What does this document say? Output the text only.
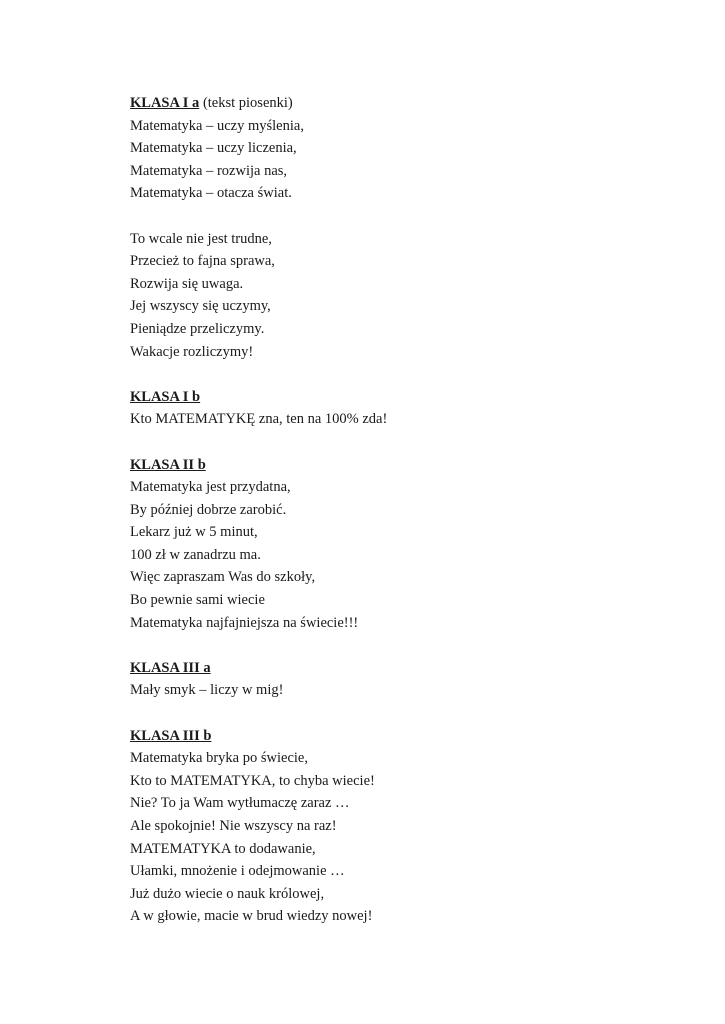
KLASA I a (tekst piosenki)
Matematyka – uczy myślenia,
Matematyka – uczy liczenia,
Matematyka – rozwija nas,
Matematyka – otacza świat.
To wcale nie jest trudne,
Przecież to fajna sprawa,
Rozwija się uwaga.
Jej wszyscy się uczymy,
Pieniądze przeliczymy.
Wakacje rozliczymy!
KLASA I b
Kto MATEMATYKĘ zna, ten na 100% zda!
KLASA II b
Matematyka jest przydatna,
By później dobrze zarobić.
Lekarz już w 5 minut,
100 zł w zanadrzu ma.
Więc zapraszam Was do szkoły,
Bo pewnie sami wiecie
Matematyka najfajniejsza na świecie!!!
KLASA III a
Mały smyk – liczy w mig!
KLASA III b
Matematyka bryka po świecie,
Kto to MATEMATYKA, to chyba wiecie!
Nie? To ja Wam wytłumaczę zaraz …
Ale spokojnie! Nie wszyscy na raz!
MATEMATYKA to dodawanie,
Ułamki, mnożenie i odejmowanie …
Już dużo wiecie o nauk królowej,
A w głowie, macie w brud wiedzy nowej!
